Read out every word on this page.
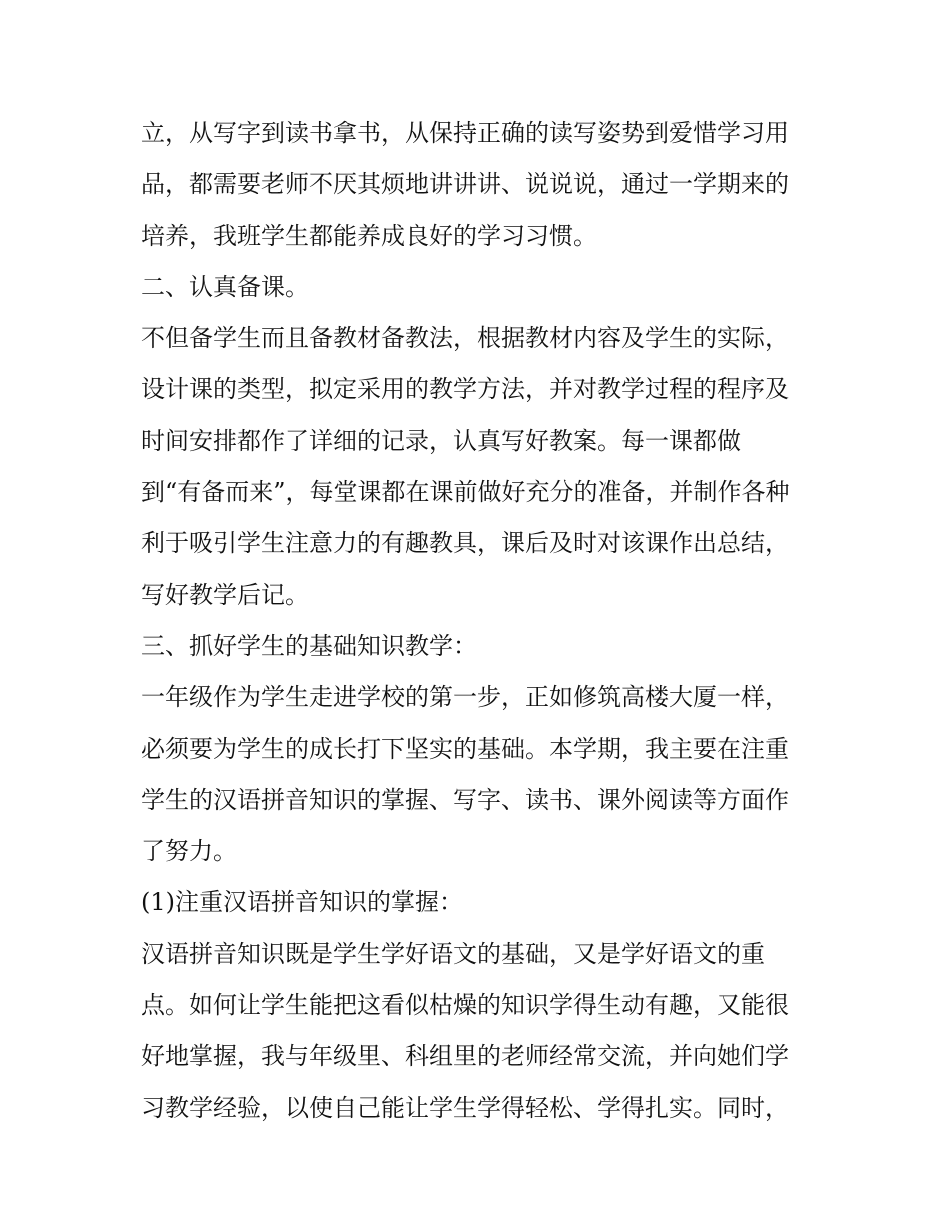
立，从写字到读书拿书，从保持正确的读写姿势到爱惜学习用
品，都需要老师不厌其烦地讲讲讲、说说说，通过一学期来的
培养，我班学生都能养成良好的学习习惯。
二、认真备课。
不但备学生而且备教材备教法，根据教材内容及学生的实际，
设计课的类型，拟定采用的教学方法，并对教学过程的程序及
时间安排都作了详细的记录，认真写好教案。每一课都做
到“有备而来”，每堂课都在课前做好充分的准备，并制作各种
利于吸引学生注意力的有趣教具，课后及时对该课作出总结，
写好教学后记。
三、抓好学生的基础知识教学：
一年级作为学生走进学校的第一步，正如修筑高楼大厦一样，
必须要为学生的成长打下坚实的基础。本学期，我主要在注重
学生的汉语拼音知识的掌握、写字、读书、课外阅读等方面作
了努力。
(1)注重汉语拼音知识的掌握：
汉语拼音知识既是学生学好语文的基础，又是学好语文的重
点。如何让学生能把这看似枯燥的知识学得生动有趣，又能很
好地掌握，我与年级里、科组里的老师经常交流，并向她们学
习教学经验，以使自己能让学生学得轻松、学得扎实。同时，
